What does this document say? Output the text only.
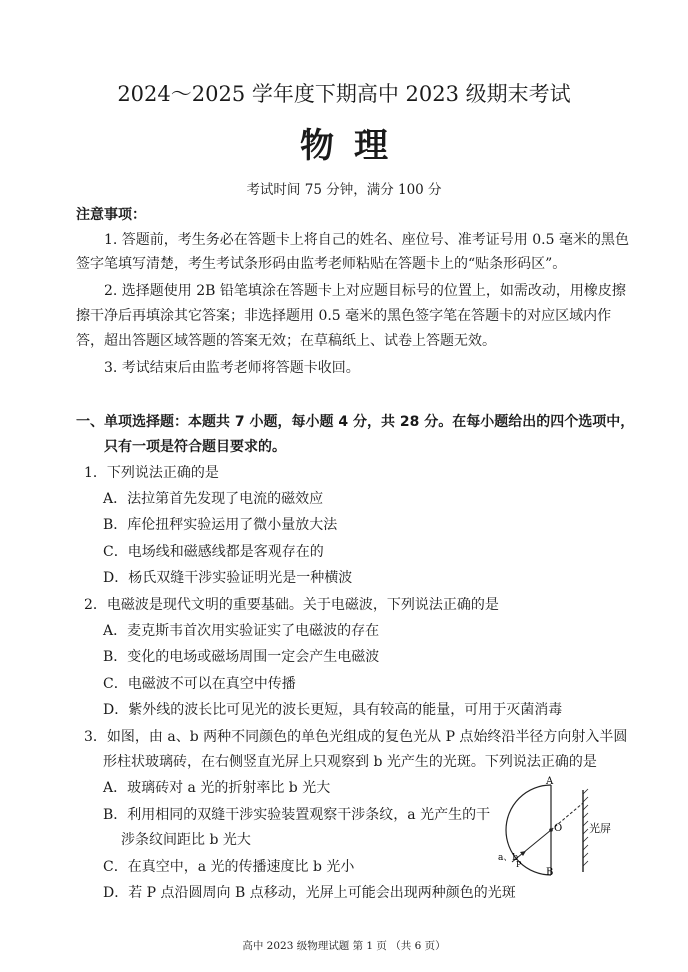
2024～2025 学年度下期高中 2023 级期末考试
物理
考试时间 75 分钟，满分 100 分
注意事项：
1. 答题前，考生务必在答题卡上将自己的姓名、座位号、准考证号用 0.5 毫米的黑色
签字笔填写清楚，考生考试条形码由监考老师粘贴在答题卡上的“贴条形码区”。
2. 选择题使用 2B 铅笔填涂在答题卡上对应题目标号的位置上，如需改动，用橡皮擦
擦干净后再填涂其它答案；非选择题用 0.5 毫米的黑色签字笔在答题卡的对应区域内作
答，超出答题区域答题的答案无效；在草稿纸上、试卷上答题无效。
3. 考试结束后由监考老师将答题卡收回。
一、单项选择题：本题共 7 小题，每小题 4 分，共 28 分。在每小题给出的四个选项中，
只有一项是符合题目要求的。
1．下列说法正确的是
A．法拉第首先发现了电流的磁效应
B．库伦扭秤实验运用了微小量放大法
C．电场线和磁感线都是客观存在的
D．杨氏双缝干涉实验证明光是一种横波
2．电磁波是现代文明的重要基础。关于电磁波，下列说法正确的是
A．麦克斯韦首次用实验证实了电磁波的存在
B．变化的电场或磁场周围一定会产生电磁波
C．电磁波不可以在真空中传播
D．紫外线的波长比可见光的波长更短，具有较高的能量，可用于灭菌消毒
3．如图，由 a、b 两种不同颜色的单色光组成的复色光从 P 点始终沿半径方向射入半圆
形柱状玻璃砖，在右侧竖直光屏上只观察到 b 光产生的光斑。下列说法正确的是
A．玻璃砖对 a 光的折射率比 b 光大
B．利用相同的双缝干涉实验装置观察干涉条纹，a 光产生的干
涉条纹间距比 b 光大
C．在真空中，a 光的传播速度比 b 光小
D．若 P 点沿圆周向 B 点移动，光屏上可能会出现两种颜色的光斑
A
O
B
P
a、b
光屏
高中 2023 级物理试题 第 1 页 （共 6 页）
